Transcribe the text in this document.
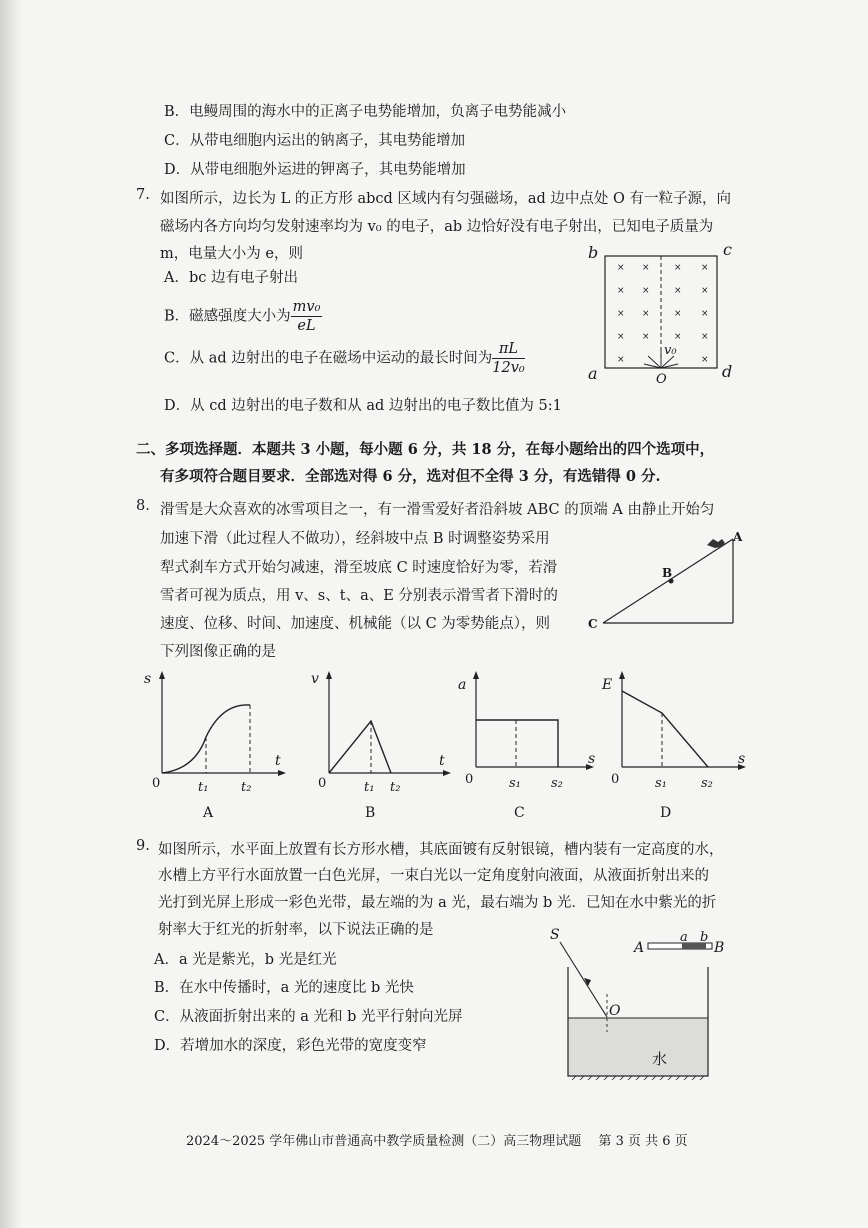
B．电鳗周围的海水中的正离子电势能增加，负离子电势能减小
C．从带电细胞内运出的钠离子，其电势能增加
D．从带电细胞外运进的钾离子，其电势能增加
7. 如图所示，边长为 L 的正方形 abcd 区域内有匀强磁场，ad 边中点处 O 有一粒子源，向
磁场内各方向均匀发射速率均为 v₀ 的电子，ab 边恰好没有电子射出，已知电子质量为
m，电量大小为 e，则
A．bc 边有电子射出
B．磁感强度大小为 $\frac{\text{mv₀}}{eL}$
C．从 ad 边射出的电子在磁场中运动的最长时间为 $\frac{\pi L}{\text{12v₀}}$
D．从 cd 边射出的电子数和从 ad 边射出的电子数比值为 5:1
× ×	× ×
× ×	× ×
× ×	× ×
× ×	× ×
×	×
b	c
a	d
O
v₀
二、多项选择题．本题共 3 小题，每小题 6 分，共 18 分，在每小题给出的四个选项中，
有多项符合题目要求．全部选对得 6 分，选对但不全得 3 分，有选错得 0 分.
8. 滑雪是大众喜欢的冰雪项目之一，有一滑雪爱好者沿斜坡 ABC 的顶端 A 由静止开始匀
加速下滑（此过程人不做功），经斜坡中点 B 时调整姿势采用
犁式刹车方式开始匀减速，滑至坡底 C 时速度恰好为零，若滑
雪者可视为质点，用 v、s、t、a、E 分别表示滑雪者下滑时的
速度、位移、时间、加速度、机械能（以 C 为零势能点），则
下列图像正确的是
A
B
C
s
t
0	t₁	t₂
A
v
t
0	t₁ t₂
B
a
s
0	s₁ s₂
C
E
s
0	s₁	s₂
D
9. 如图所示，水平面上放置有长方形水槽，其底面镀有反射银镜，槽内装有一定高度的水，
水槽上方平行水面放置一白色光屏，一束白光以一定角度射向液面，从液面折射出来的
光打到光屏上形成一彩色光带，最左端的为 a 光，最右端为 b 光．已知在水中紫光的折
射率大于红光的折射率，以下说法正确的是
A．a 光是紫光，b 光是红光
B．在水中传播时，a 光的速度比 b 光快
C．从液面折射出来的 a 光和 b 光平行射向光屏
D．若增加水的深度，彩色光带的宽度变窄
S
A
a b
B
O
水
2024～2025 学年佛山市普通高中教学质量检测（二）高三物理试题　 第 3 页 共 6 页
